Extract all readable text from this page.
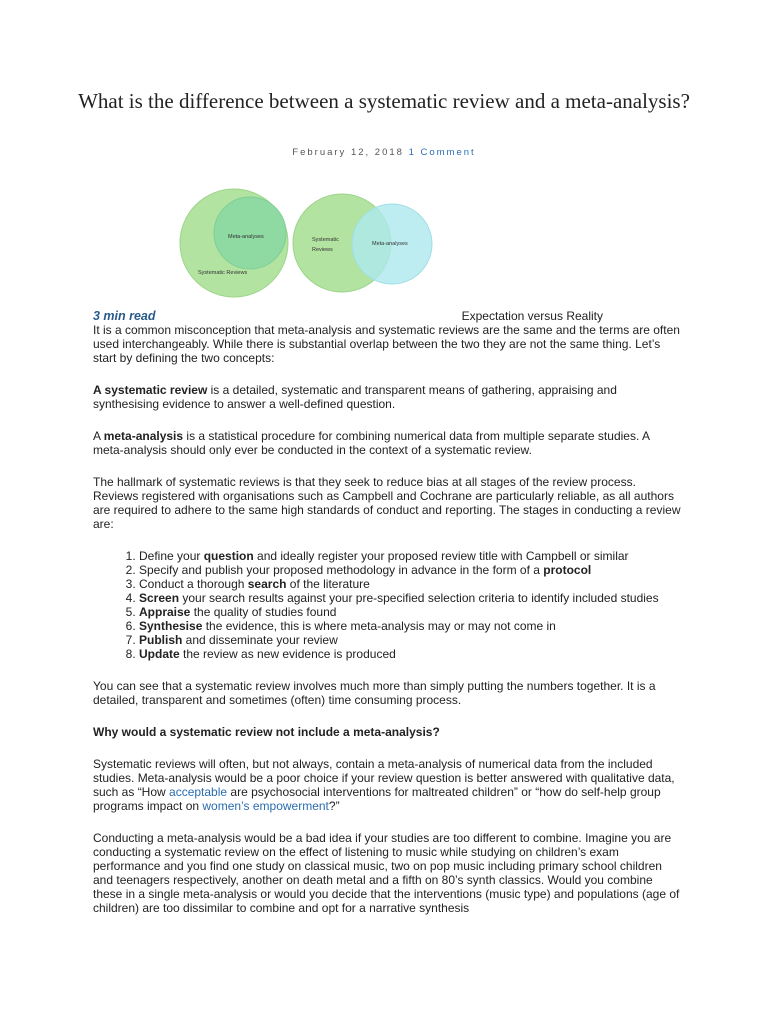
What is the difference between a systematic review and a meta-analysis?
February 12, 2018 1 Comment
Meta-analyses
Systematic Reviews
Systematic
Reviews
Meta-analyses
3 min read	Expectation versus Reality

It is a common misconception that meta-analysis and systematic reviews are the same and the terms are often used interchangeably. While there is substantial overlap between the two they are not the same thing. Let’s start by defining the two concepts:

A systematic review is a detailed, systematic and transparent means of gathering, appraising and synthesising evidence to answer a well-defined question.

A meta-analysis is a statistical procedure for combining numerical data from multiple separate studies. A meta-analysis should only ever be conducted in the context of a systematic review.

The hallmark of systematic reviews is that they seek to reduce bias at all stages of the review process. Reviews registered with organisations such as Campbell and Cochrane are particularly reliable, as all authors are required to adhere to the same high standards of conduct and reporting. The stages in conducting a review are:

1. Define your question and ideally register your proposed review title with Campbell or similar
2. Specify and publish your proposed methodology in advance in the form of a protocol
3. Conduct a thorough search of the literature
4. Screen your search results against your pre-specified selection criteria to identify included studies
5. Appraise the quality of studies found
6. Synthesise the evidence, this is where meta-analysis may or may not come in
7. Publish and disseminate your review
8. Update the review as new evidence is produced

You can see that a systematic review involves much more than simply putting the numbers together. It is a detailed, transparent and sometimes (often) time consuming process.

Why would a systematic review not include a meta-analysis?

Systematic reviews will often, but not always, contain a meta-analysis of numerical data from the included studies. Meta-analysis would be a poor choice if your review question is better answered with qualitative data, such as “How acceptable are psychosocial interventions for maltreated children” or “how do self-help group programs impact on women’s empowerment?”

Conducting a meta-analysis would be a bad idea if your studies are too different to combine. Imagine you are conducting a systematic review on the effect of listening to music while studying on children’s exam performance and you find one study on classical music, two on pop music including primary school children and teenagers respectively, another on death metal and a fifth on 80’s synth classics. Would you combine these in a single meta-analysis or would you decide that the interventions (music type) and populations (age of children) are too dissimilar to combine and opt for a narrative synthesis
